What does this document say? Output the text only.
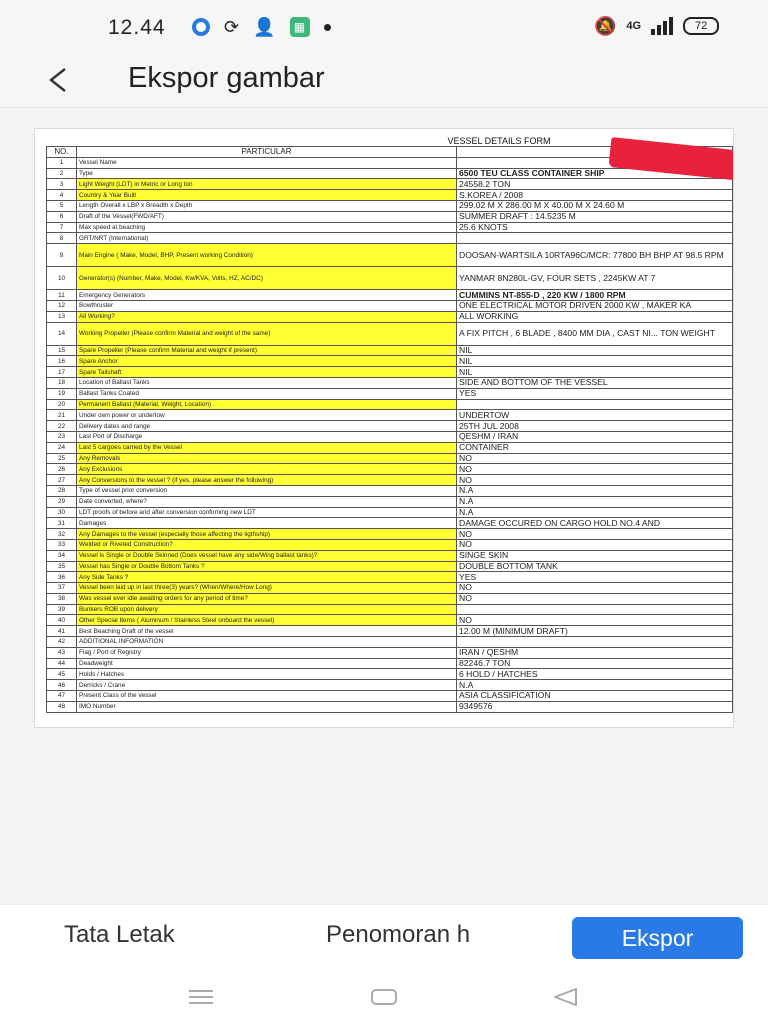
12.44	⟳ 👤	▦	🔕 4G	72
Ekspor gambar
VESSEL DETAILS FORM
NO.	PARTICULAR	
1	Vessel Name	
2	Type	6500 TEU CLASS CONTAINER SHIP
3	Light Weight (LDT) in Metric or Long ton	24558.2 TON
4	Country & Year Built	S.KOREA / 2008
5	Length Overall x LBP x Breadth x Depth	299.02 M X 286.00 M X 40.00 M X 24.60 M
6	Draft of the Vessel(FWD/AFT)	SUMMER DRAFT : 14.5235 M
7	Max speed at beaching	25.6 KNOTS
8	GRT/NRT (International)	
9	Main Engine ( Make, Model, BHP, Present working Condition)	DOOSAN-WARTSILA 10RTA96C/MCR: 77800 BH BHP AT 98.5 RPM
10	Generator(s) (Number, Make, Model, Kw/KVA, Volts, HZ, AC/DC)	YANMAR 8N280L-GV, FOUR SETS , 2245KW AT 7
11	Emergency Generators	CUMMINS NT-855-D , 220 KW / 1800 RPM
12	Bowthruster	ONE ELECTRICAL MOTOR DRIVEN 2000 KW , MAKER KA
13	All Working?	ALL WORKING
14	Working Propeller (Please confirm Material and weight of the same)	A FIX PITCH , 6 BLADE , 8400 MM DIA , CAST NI... TON WEIGHT
15	Spare Propeller (Please confirm Material and weight if present)	NIL
16	Spare Anchor	NIL
17	Spare Tailshaft	NIL
18	Location of Ballast Tanks	SIDE AND BOTTOM OF THE VESSEL
19	Ballast Tanks Coated	YES
20	Permanent Ballast (Material, Weight, Location)	
21	Under own power or undertow	UNDERTOW
22	Delivery dates and range	25TH JUL 2008
23	Last Port of Discharge	QESHM / IRAN
24	Last 5 cargoes carried by the Vessel	CONTAINER
25	Any Removals	NO
26	Any Exclusions	NO
27	Any Conversions to the vessel ? (if yes, please answer the following)	NO
28	Type of vessel prior conversion	N.A
29	Date converted, where?	N.A
30	LDT proofs of before and after conversion confirming new LDT	N.A
31	Damages	DAMAGE OCCURED ON CARGO HOLD NO.4 AND
32	Any Damages to the vessel (especially those affecting the ligthship)	NO
33	Welded or Riveted Construction?	NO
34	Vessel is Single or Double Skinned (Does vessel have any side/Wing ballast tanks)?	SINGE SKIN
35	Vessel has Single or Double Bottom Tanks ?	DOUBLE BOTTOM TANK
36	Any Side Tanks ?	YES
37	Vessel been laid up in last three(3) years? (When/Where/How Long)	NO
38	Was vessel ever idle awaiting orders for any period of time?	NO
39	Bunkers ROB upon delivery	
40	Other Special Items ( Aluminum / Stainless Steel onboard the vessel)	NO
41	Best Beaching Draft of the vessel	12.00 M (MINIMUM DRAFT)
42	ADDITIONAL INFORMATION	
43	Flag / Port of Registry	IRAN / QESHM
44	Deadweight	82246.7 TON
45	Holds / Hatches	6 HOLD / HATCHES
46	Derricks / Crane	N.A
47	Present Class of the vessel	ASIA CLASSIFICATION
48	IMO Number	9349576
Tata Letak	Penomoran h	Ekspor
